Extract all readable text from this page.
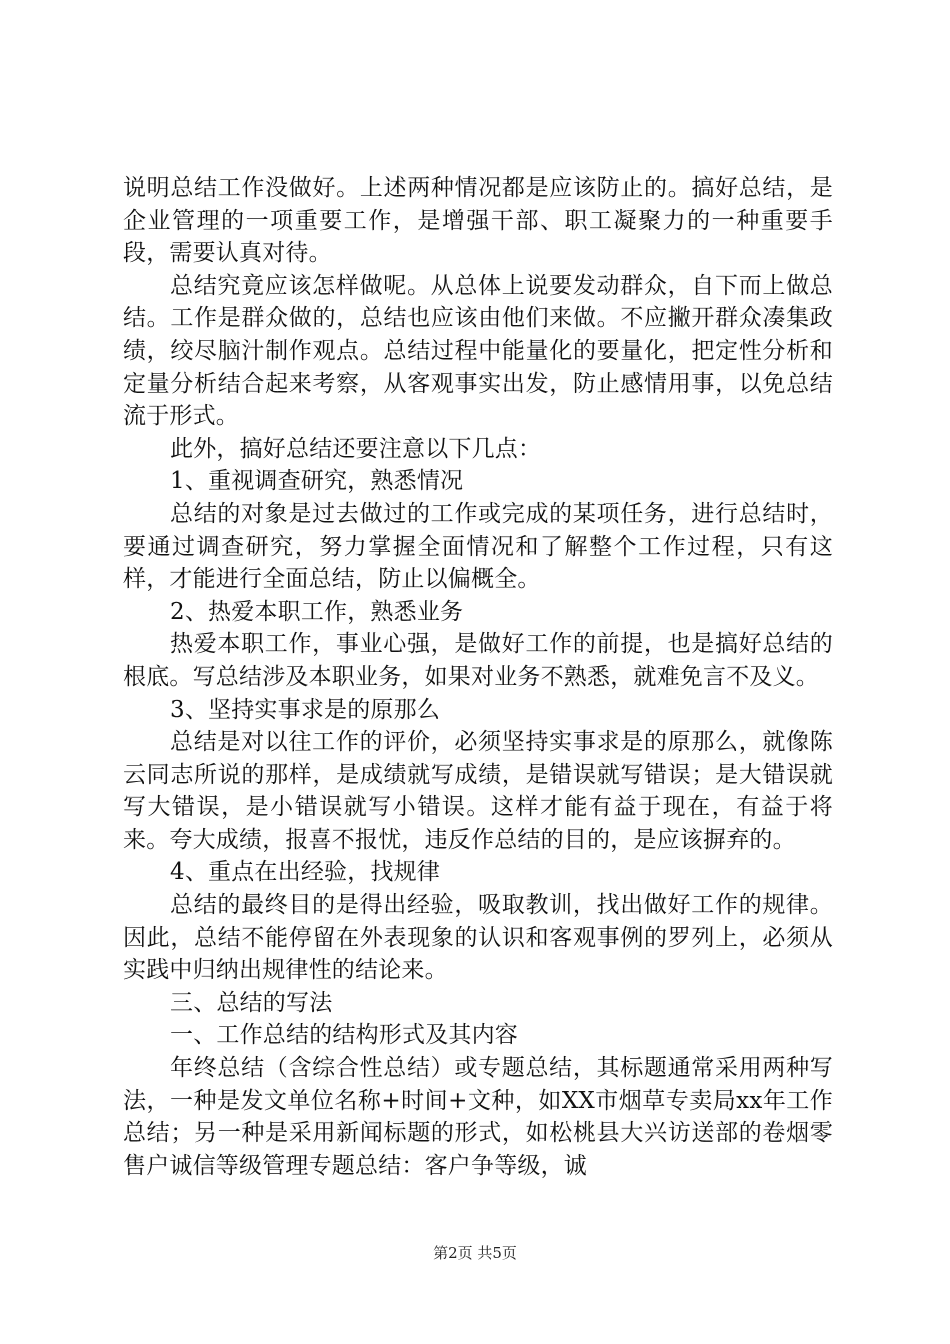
说明总结工作没做好。上述两种情况都是应该防止的。搞好总结，是企业管理的一项重要工作，是增强干部、职工凝聚力的一种重要手段，需要认真对待。

总结究竟应该怎样做呢。从总体上说要发动群众，自下而上做总结。工作是群众做的，总结也应该由他们来做。不应撇开群众凑集政绩，绞尽脑汁制作观点。总结过程中能量化的要量化，把定性分析和定量分析结合起来考察，从客观事实出发，防止感情用事，以免总结流于形式。

此外，搞好总结还要注意以下几点：

1、重视调查研究，熟悉情况

总结的对象是过去做过的工作或完成的某项任务，进行总结时，要通过调查研究，努力掌握全面情况和了解整个工作过程，只有这样，才能进行全面总结，防止以偏概全。

2、热爱本职工作，熟悉业务

热爱本职工作，事业心强，是做好工作的前提，也是搞好总结的根底。写总结涉及本职业务，如果对业务不熟悉，就难免言不及义。

3、坚持实事求是的原那么

总结是对以往工作的评价，必须坚持实事求是的原那么，就像陈云同志所说的那样，是成绩就写成绩，是错误就写错误；是大错误就写大错误，是小错误就写小错误。这样才能有益于现在，有益于将来。夸大成绩，报喜不报忧，违反作总结的目的，是应该摒弃的。

4、重点在出经验，找规律

总结的最终目的是得出经验，吸取教训，找出做好工作的规律。因此，总结不能停留在外表现象的认识和客观事例的罗列上，必须从实践中归纳出规律性的结论来。

三、总结的写法

一、工作总结的结构形式及其内容

年终总结（含综合性总结）或专题总结，其标题通常采用两种写法，一种是发文单位名称+时间+文种，如XX市烟草专卖局xx年工作总结；另一种是采用新闻标题的形式，如松桃县大兴访送部的卷烟零售户诚信等级管理专题总结：客户争等级，诚

第2页 共5页
